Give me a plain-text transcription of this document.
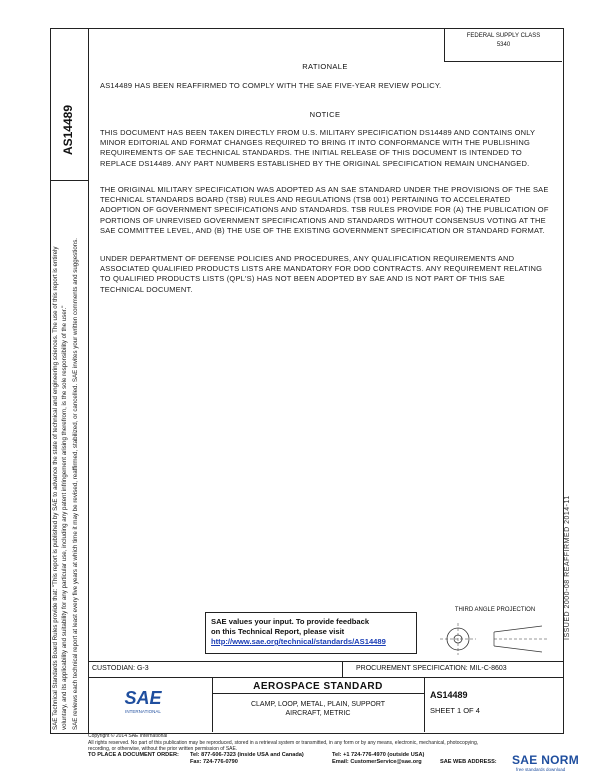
AS14489
SAE Technical Standards Board Rules provide that: "This report is published by SAE to advance the state of technical and engineering sciences. The use of this report is entirely voluntary, and its applicability and suitability for any particular use, including any patent infringement arising therefrom, is the sole responsibility of the user." SAE reviews each technical report at least every five years at which time it may be revised, reaffirmed, stabilized, or cancelled. SAE invites your written comments and suggestions.	ISSUED 2000-08 REAFFIRMED 2014-11
FEDERAL SUPPLY CLASS
5340
RATIONALE
AS14489 HAS BEEN REAFFIRMED TO COMPLY WITH THE SAE FIVE-YEAR REVIEW POLICY.
NOTICE
THIS DOCUMENT HAS BEEN TAKEN DIRECTLY FROM U.S. MILITARY SPECIFICATION DS14489 AND CONTAINS ONLY MINOR EDITORIAL AND FORMAT CHANGES REQUIRED TO BRING IT INTO CONFORMANCE WITH THE PUBLISHING REQUIREMENTS OF SAE TECHNICAL STANDARDS. THE INITIAL RELEASE OF THIS DOCUMENT IS INTENDED TO REPLACE DS14489. ANY PART NUMBERS ESTABLISHED BY THE ORIGINAL SPECIFICATION REMAIN UNCHANGED.
THE ORIGINAL MILITARY SPECIFICATION WAS ADOPTED AS AN SAE STANDARD UNDER THE PROVISIONS OF THE SAE TECHNICAL STANDARDS BOARD (TSB) RULES AND REGULATIONS (TSB 001) PERTAINING TO ACCELERATED ADOPTION OF GOVERNMENT SPECIFICATIONS AND STANDARDS. TSB RULES PROVIDE FOR (A) THE PUBLICATION OF PORTIONS OF UNREVISED GOVERNMENT SPECIFICATIONS AND STANDARDS WITHOUT CONSENSUS VOTING AT THE SAE COMMITTEE LEVEL, AND (B) THE USE OF THE EXISTING GOVERNMENT SPECIFICATION OR STANDARD FORMAT.
UNDER DEPARTMENT OF DEFENSE POLICIES AND PROCEDURES, ANY QUALIFICATION REQUIREMENTS AND ASSOCIATED QUALIFIED PRODUCTS LISTS ARE MANDATORY FOR DOD CONTRACTS. ANY REQUIREMENT RELATING TO QUALIFIED PRODUCTS LISTS (QPL'S) HAS NOT BEEN ADOPTED BY SAE AND IS NOT PART OF THIS SAE TECHNICAL DOCUMENT.
SAE values your input. To provide feedback
on this Technical Report, please visit
http://www.sae.org/technical/standards/AS14489
THIRD ANGLE PROJECTION
CUSTODIAN: G-3	PROCUREMENT SPECIFICATION: MIL-C-8603
SAE
INTERNATIONAL
AEROSPACE STANDARD
CLAMP, LOOP, METAL, PLAIN, SUPPORT
AIRCRAFT, METRIC
AS14489
SHEET 1 OF 4
Copyright © 2014 SAE International
All rights reserved. No part of this publication may be reproduced, stored in a retrieval system or transmitted, in any form or by any means, electronic, mechanical, photocopying,
recording, or otherwise, without the prior written permission of SAE.
TO PLACE A DOCUMENT ORDER: Tel: 877-606-7323 (inside USA and Canada)
Fax: 724-776-0790
Tel: +1 724-776-4970 (outside USA)
Email: CustomerService@sae.org	SAE WEB ADDRESS: SAE NORM
free standards download
